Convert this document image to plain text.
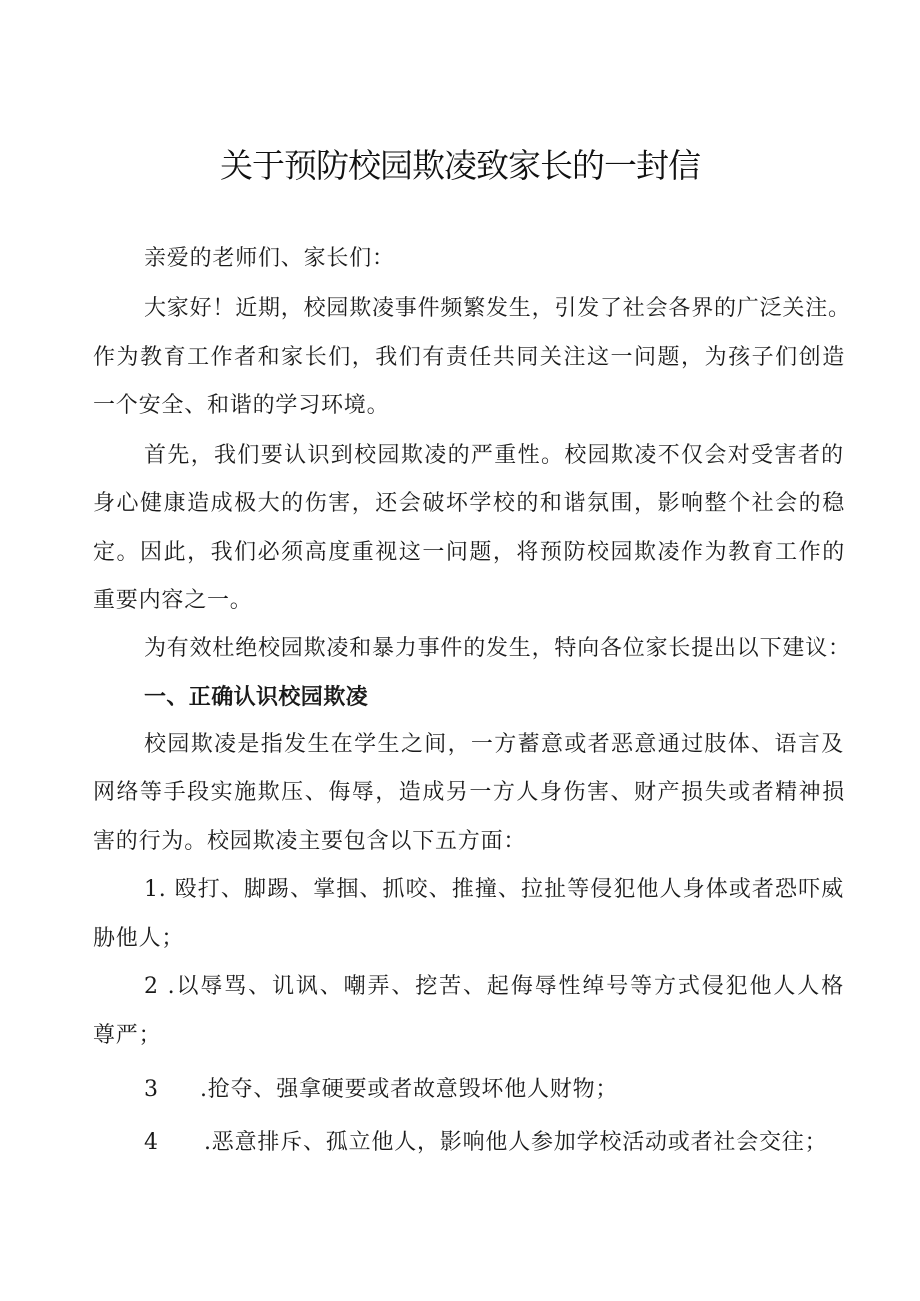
关于预防校园欺凌致家长的一封信
亲爱的老师们、家长们：
大家好！近期，校园欺凌事件频繁发生，引发了社会各界的广泛关注。
作为教育工作者和家长们，我们有责任共同关注这一问题，为孩子们创造
一个安全、和谐的学习环境。
首先，我们要认识到校园欺凌的严重性。校园欺凌不仅会对受害者的
身心健康造成极大的伤害，还会破坏学校的和谐氛围，影响整个社会的稳
定。因此，我们必须高度重视这一问题，将预防校园欺凌作为教育工作的
重要内容之一。
为有效杜绝校园欺凌和暴力事件的发生，特向各位家长提出以下建议：
一、正确认识校园欺凌
校园欺凌是指发生在学生之间，一方蓄意或者恶意通过肢体、语言及
网络等手段实施欺压、侮辱，造成另一方人身伤害、财产损失或者精神损
害的行为。校园欺凌主要包含以下五方面：
1. 殴打、脚踢、掌掴、抓咬、推撞、拉扯等侵犯他人身体或者恐吓威
胁他人；
2 .以辱骂、讥讽、嘲弄、挖苦、起侮辱性绰号等方式侵犯他人人格
尊严；
3 .抢夺、强拿硬要或者故意毁坏他人财物；
4 .恶意排斥、孤立他人，影响他人参加学校活动或者社会交往；
